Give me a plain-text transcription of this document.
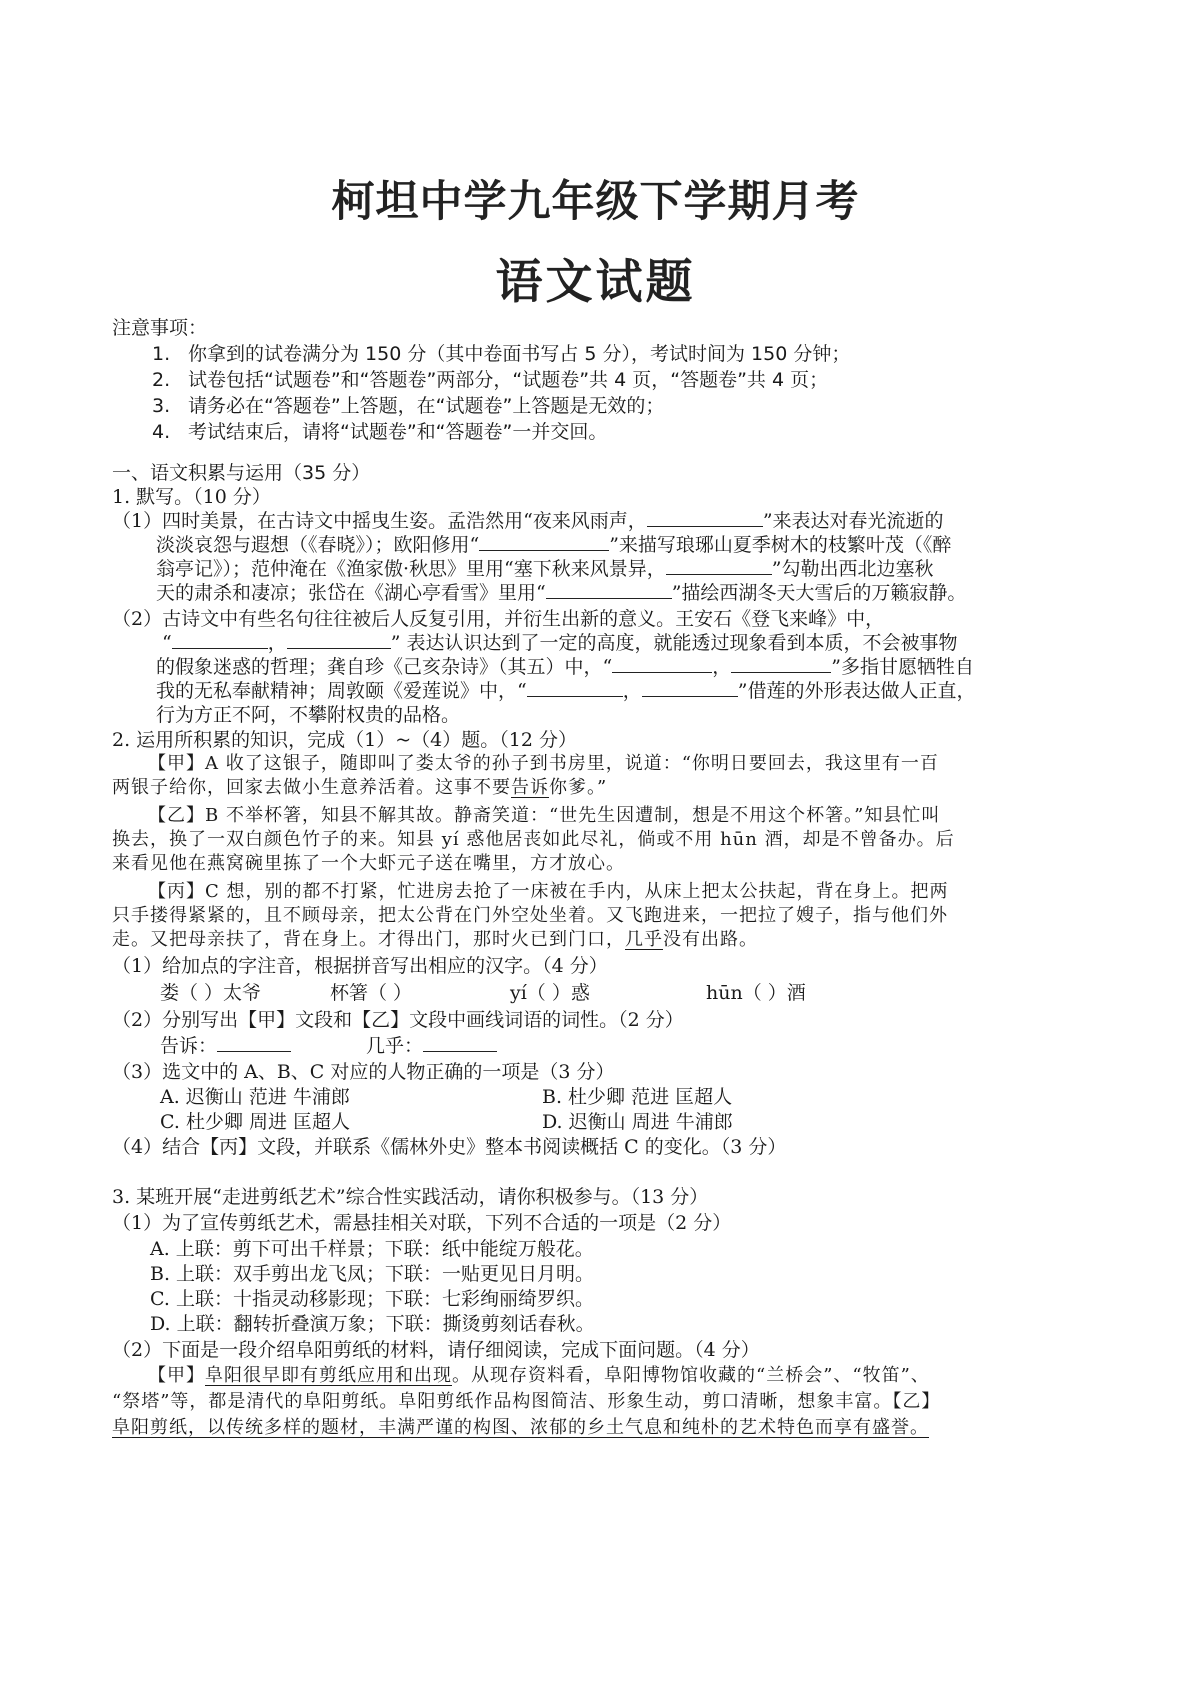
柯坦中学九年级下学期月考
语文试题
注意事项：
1. 你拿到的试卷满分为 150 分（其中卷面书写占 5 分），考试时间为 150 分钟；
2. 试卷包括“试题卷”和“答题卷”两部分，“试题卷”共 4 页，“答题卷”共 4 页；
3. 请务必在“答题卷”上答题，在“试题卷”上答题是无效的；
4. 考试结束后，请将“试题卷”和“答题卷”一并交回。
一、语文积累与运用（35 分）
1. 默写。（10 分）
（1）四时美景，在古诗文中摇曳生姿。孟浩然用“夜来风雨声，	”来表达对春光流逝的
淡淡哀怨与遐想（《春晓》）；欧阳修用“	”来描写琅琊山夏季树木的枝繁叶茂（《醉
翁亭记》）；范仲淹在《渔家傲·秋思》里用“塞下秋来风景异，	”勾勒出西北边塞秋
天的肃杀和凄凉；张岱在《湖心亭看雪》里用“	”描绘西湖冬天大雪后的万籁寂静。
（2）古诗文中有些名句往往被后人反复引用，并衍生出新的意义。王安石《登飞来峰》中，
“	，	” 表达认识达到了一定的高度，就能透过现象看到本质，不会被事物
的假象迷惑的哲理；龚自珍《己亥杂诗》（其五）中，“	，	”多指甘愿牺牲自
我的无私奉献精神；周敦颐《爱莲说》中，“	，	”借莲的外形表达做人正直，
行为方正不阿，不攀附权贵的品格。
2. 运用所积累的知识，完成（1）~（4）题。（12 分）
【甲】A 收了这银子，随即叫了娄太爷的孙子到书房里，说道：“你明日要回去，我这里有一百
两银子给你，回家去做小生意养活着。这事不要告诉你爹。”
【乙】B 不举杯箸，知县不解其故。静斋笑道：“世先生因遭制，想是不用这个杯箸。”知县忙叫
换去，换了一双白颜色竹子的来。知县 yí 惑他居丧如此尽礼，倘或不用 hūn 酒，却是不曾备办。后
来看见他在燕窝碗里拣了一个大虾元子送在嘴里，方才放心。
【丙】C 想，别的都不打紧，忙进房去抢了一床被在手内，从床上把太公扶起，背在身上。把两
只手搂得紧紧的，且不顾母亲，把太公背在门外空处坐着。又飞跑进来，一把拉了嫂子，指与他们外
走。又把母亲扶了，背在身上。才得出门，那时火已到门口，几乎没有出路。
（1）给加点的字注音，根据拼音写出相应的汉字。（4 分）
娄（ ）太爷	杯箸（ ）	yí（ ）惑	hūn（ ）酒
（2）分别写出【甲】文段和【乙】文段中画线词语的词性。（2 分）
告诉：	几乎：
（3）选文中的 A、B、C 对应的人物正确的一项是（3 分）
A. 迟衡山 范进 牛浦郎	B. 杜少卿 范进 匡超人
C. 杜少卿 周进 匡超人	D. 迟衡山 周进 牛浦郎
（4）结合【丙】文段，并联系《儒林外史》整本书阅读概括 C 的变化。（3 分）
3. 某班开展“走进剪纸艺术”综合性实践活动，请你积极参与。（13 分）
（1）为了宣传剪纸艺术，需悬挂相关对联，下列不合适的一项是（2 分）
A. 上联：剪下可出千样景；下联：纸中能绽万般花。
B. 上联：双手剪出龙飞凤；下联：一贴更见日月明。
C. 上联：十指灵动移影现；下联：七彩绚丽绮罗织。
D. 上联：翻转折叠演万象；下联：撕烫剪刻话春秋。
（2）下面是一段介绍阜阳剪纸的材料，请仔细阅读，完成下面问题。（4 分）
【甲】阜阳很早即有剪纸应用和出现。从现存资料看，阜阳博物馆收藏的“兰桥会”、“牧笛”、
“祭塔”等，都是清代的阜阳剪纸。阜阳剪纸作品构图简洁、形象生动，剪口清晰，想象丰富。【乙】
阜阳剪纸，以传统多样的题材，丰满严谨的构图、浓郁的乡土气息和纯朴的艺术特色而享有盛誉。
